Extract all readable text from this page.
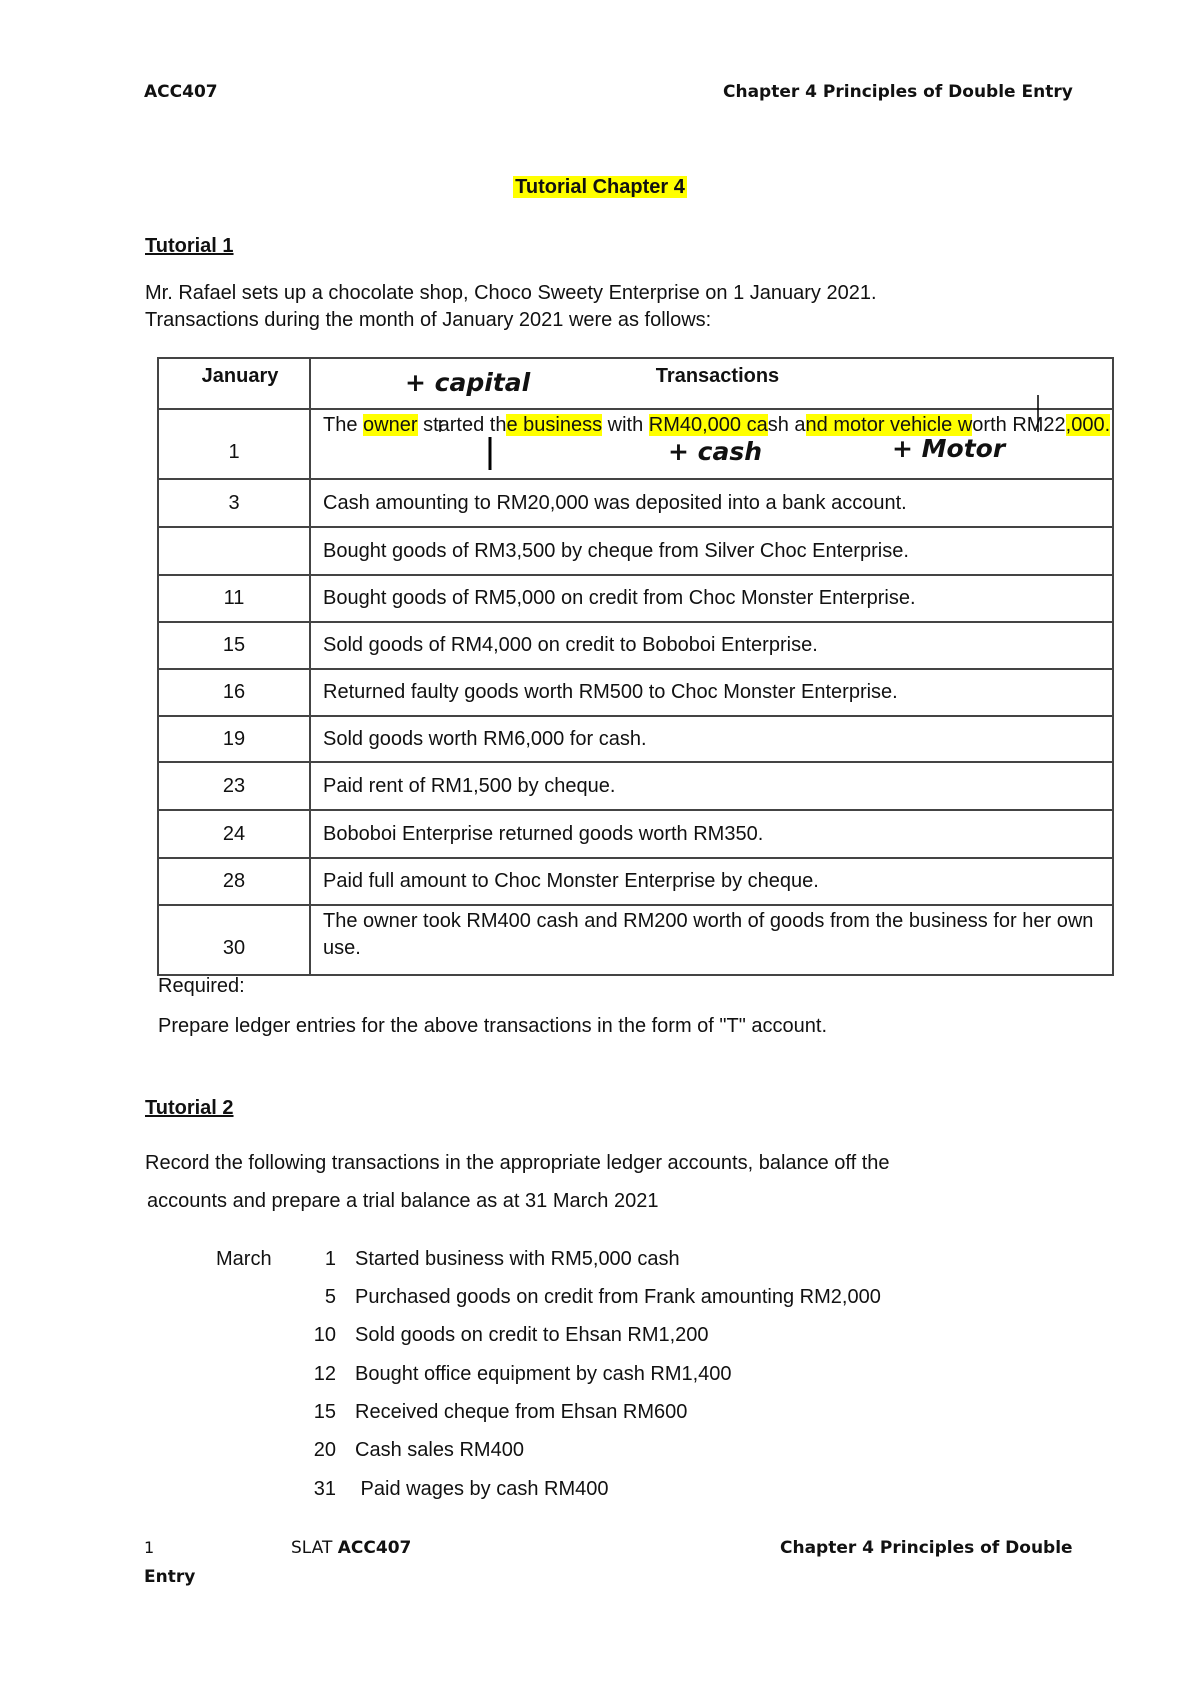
ACC407	Chapter 4 Principles of Double Entry
Tutorial Chapter 4
Tutorial 1
Mr. Rafael sets up a chocolate shop, Choco Sweety Enterprise on 1 January 2021.
Transactions during the month of January 2021 were as follows:
January	Transactions
1	The owner started the business with RM40,000 cash and motor vehicle worth RM22,000.
3	Cash amounting to RM20,000 was deposited into a bank account.
	Bought goods of RM3,500 by cheque from Silver Choc Enterprise.
11	Bought goods of RM5,000 on credit from Choc Monster Enterprise.
15	Sold goods of RM4,000 on credit to Boboboi Enterprise.
16	Returned faulty goods worth RM500 to Choc Monster Enterprise.
19	Sold goods worth RM6,000 for cash.
23	Paid rent of RM1,500 by cheque.
24	Boboboi Enterprise returned goods worth RM350.
28	Paid full amount to Choc Monster Enterprise by cheque.
30	The owner took RM400 cash and RM200 worth of goods from the business for her own use.
+ capital
+ cash	+ Motor
Required:
Prepare ledger entries for the above transactions in the form of "T" account.
Tutorial 2
Record the following transactions in the appropriate ledger accounts, balance off the
accounts and prepare a trial balance as at 31 March 2021
March	1 Started business with RM5,000 cash
5 Purchased goods on credit from Frank amounting RM2,000
10 Sold goods on credit to Ehsan RM1,200
12 Bought office equipment by cash RM1,400
15 Received cheque from Ehsan RM600
20 Cash sales RM400
31 Paid wages by cash RM400
1	SLAT ACC407	Chapter 4 Principles of Double
Entry
